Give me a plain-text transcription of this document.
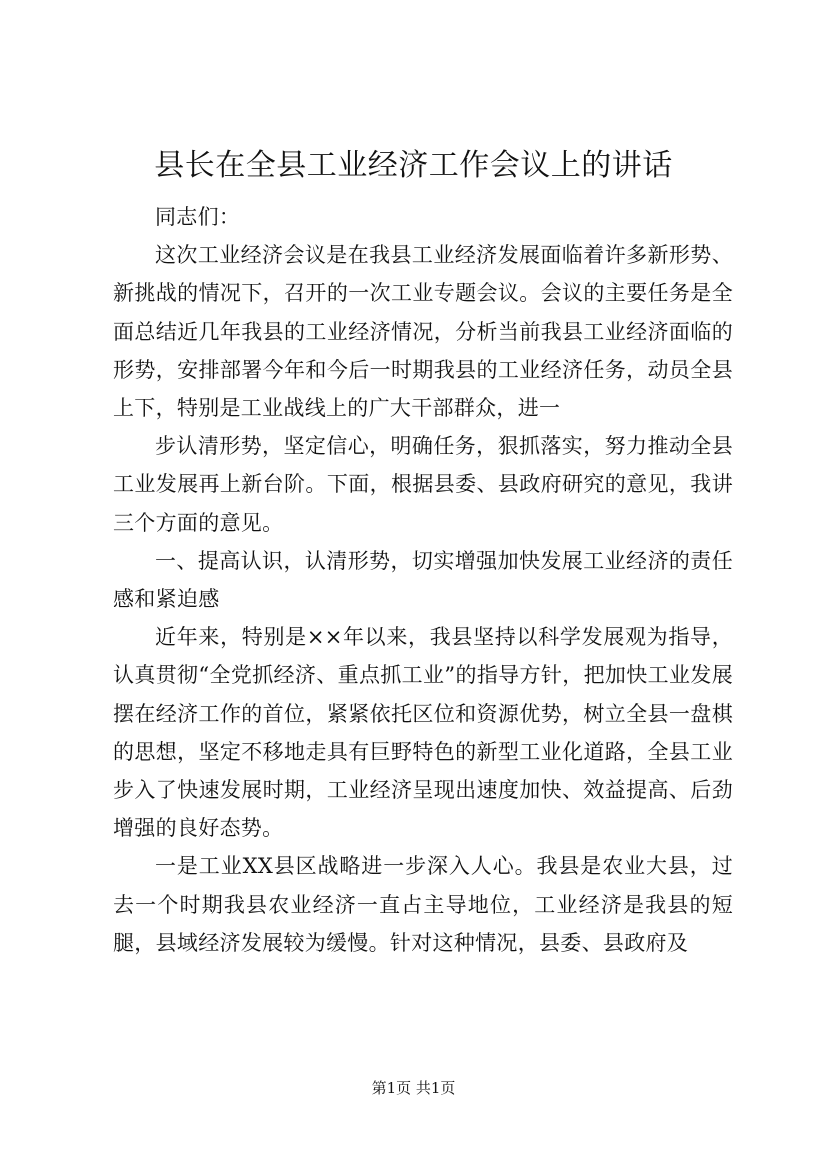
县长在全县工业经济工作会议上的讲话

同志们：

这次工业经济会议是在我县工业经济发展面临着许多新形势、新挑战的情况下，召开的一次工业专题会议。会议的主要任务是全面总结近几年我县的工业经济情况，分析当前我县工业经济面临的形势，安排部署今年和今后一时期我县的工业经济任务，动员全县上下，特别是工业战线上的广大干部群众，进一

步认清形势，坚定信心，明确任务，狠抓落实，努力推动全县工业发展再上新台阶。下面，根据县委、县政府研究的意见，我讲三个方面的意见。

一、提高认识，认清形势，切实增强加快发展工业经济的责任感和紧迫感

近年来，特别是××年以来，我县坚持以科学发展观为指导，认真贯彻“全党抓经济、重点抓工业”的指导方针，把加快工业发展摆在经济工作的首位，紧紧依托区位和资源优势，树立全县一盘棋的思想，坚定不移地走具有巨野特色的新型工业化道路，全县工业步入了快速发展时期，工业经济呈现出速度加快、效益提高、后劲增强的良好态势。

一是工业XX县区战略进一步深入人心。我县是农业大县，过去一个时期我县农业经济一直占主导地位，工业经济是我县的短腿，县域经济发展较为缓慢。针对这种情况，县委、县政府及

第1页 共1页
